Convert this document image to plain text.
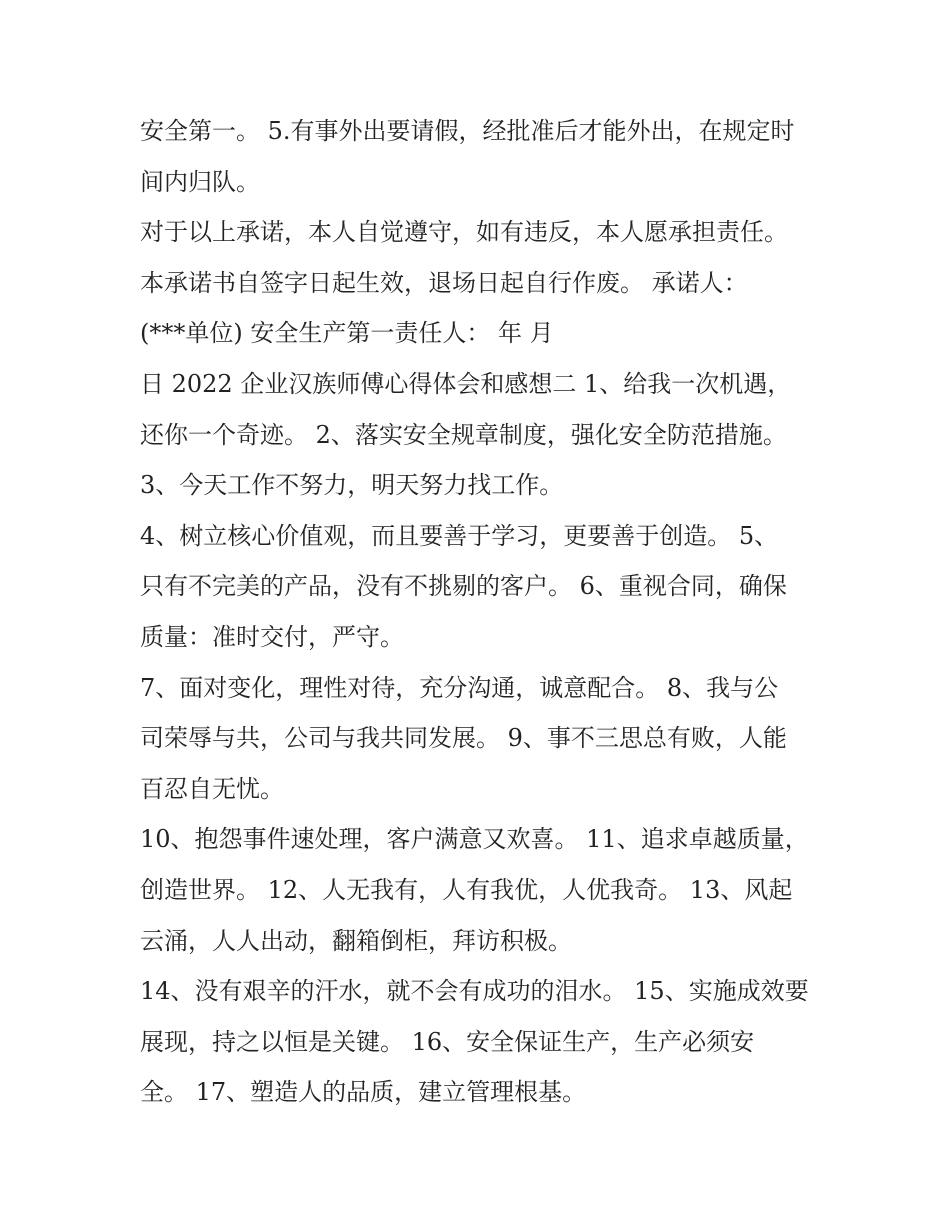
安全第一。 5.有事外出要请假，经批准后才能外出，在规定时
间内归队。
对于以上承诺，本人自觉遵守，如有违反，本人愿承担责任。
本承诺书自签字日起生效，退场日起自行作废。 承诺人：
(***单位) 安全生产第一责任人： 年 月
日 2022 企业汉族师傅心得体会和感想二 1、给我一次机遇，
还你一个奇迹。 2、落实安全规章制度，强化安全防范措施。
3、今天工作不努力，明天努力找工作。
4、树立核心价值观，而且要善于学习，更要善于创造。 5、
只有不完美的产品，没有不挑剔的客户。 6、重视合同，确保
质量：准时交付，严守。
7、面对变化，理性对待，充分沟通，诚意配合。 8、我与公
司荣辱与共，公司与我共同发展。 9、事不三思总有败，人能
百忍自无忧。
10、抱怨事件速处理，客户满意又欢喜。 11、追求卓越质量，
创造世界。 12、人无我有，人有我优，人优我奇。 13、风起
云涌，人人出动，翻箱倒柜，拜访积极。
14、没有艰辛的汗水，就不会有成功的泪水。 15、实施成效要
展现，持之以恒是关键。 16、安全保证生产，生产必须安
全。 17、塑造人的品质，建立管理根基。
